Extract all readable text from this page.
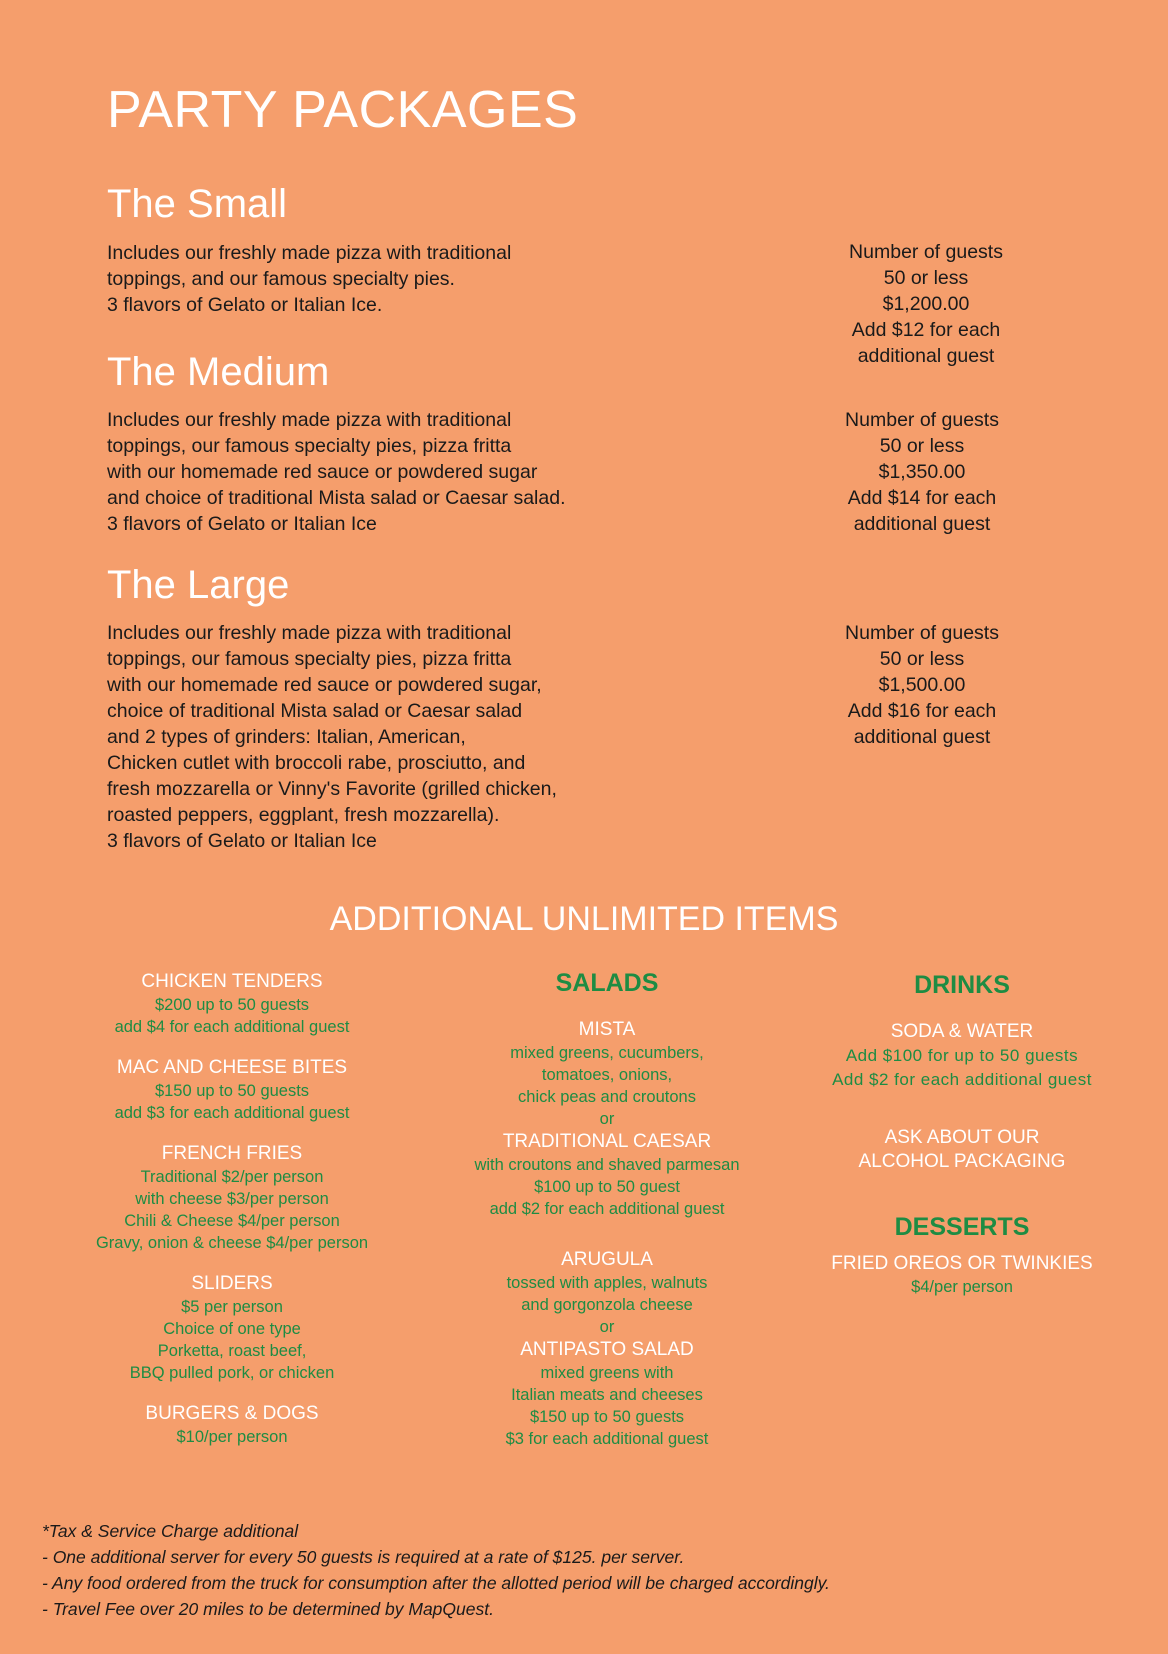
PARTY PACKAGES
The Small
Includes our freshly made pizza with traditional
toppings, and our famous specialty pies.
3 flavors of Gelato or Italian Ice.
Number of guests
50 or less
$1,200.00
Add $12 for each
additional guest
The Medium
Includes our freshly made pizza with traditional
toppings, our famous specialty pies, pizza fritta
with our homemade red sauce or powdered sugar
and choice of traditional Mista salad or Caesar salad.
3 flavors of Gelato or Italian Ice
Number of guests
50 or less
$1,350.00
Add $14 for each
additional guest
The Large
Includes our freshly made pizza with traditional
toppings, our famous specialty pies, pizza fritta
with our homemade red sauce or powdered sugar,
choice of traditional Mista salad or Caesar salad
and 2 types of grinders: Italian, American,
Chicken cutlet with broccoli rabe, prosciutto, and
fresh mozzarella or Vinny's Favorite (grilled chicken,
roasted peppers, eggplant, fresh mozzarella).
3 flavors of Gelato or Italian Ice
Number of guests
50 or less
$1,500.00
Add $16 for each
additional guest
ADDITIONAL UNLIMITED ITEMS
CHICKEN TENDERS
$200 up to 50 guests
add $4 for each additional guest
MAC AND CHEESE BITES
$150 up to 50 guests
add $3 for each additional guest
FRENCH FRIES
Traditional $2/per person
with cheese $3/per person
Chili & Cheese $4/per person
Gravy, onion & cheese $4/per person
SLIDERS
$5 per person
Choice of one type
Porketta, roast beef,
BBQ pulled pork, or chicken
BURGERS & DOGS
$10/per person
SALADS
MISTA
mixed greens, cucumbers,
tomatoes, onions,
chick peas and croutons
or
TRADITIONAL CAESAR
with croutons and shaved parmesan
$100 up to 50 guest
add $2 for each additional guest
ARUGULA
tossed with apples, walnuts
and gorgonzola cheese
or
ANTIPASTO SALAD
mixed greens with
Italian meats and cheeses
$150 up to 50 guests
$3 for each additional guest
DRINKS
SODA & WATER
Add $100 for up to 50 guests
Add $2 for each additional guest
ASK ABOUT OUR
ALCOHOL PACKAGING
DESSERTS
FRIED OREOS OR TWINKIES
$4/per person
*Tax & Service Charge additional
- One additional server for every 50 guests is required at a rate of $125. per server.
- Any food ordered from the truck for consumption after the allotted period will be charged accordingly.
- Travel Fee over 20 miles to be determined by MapQuest.
